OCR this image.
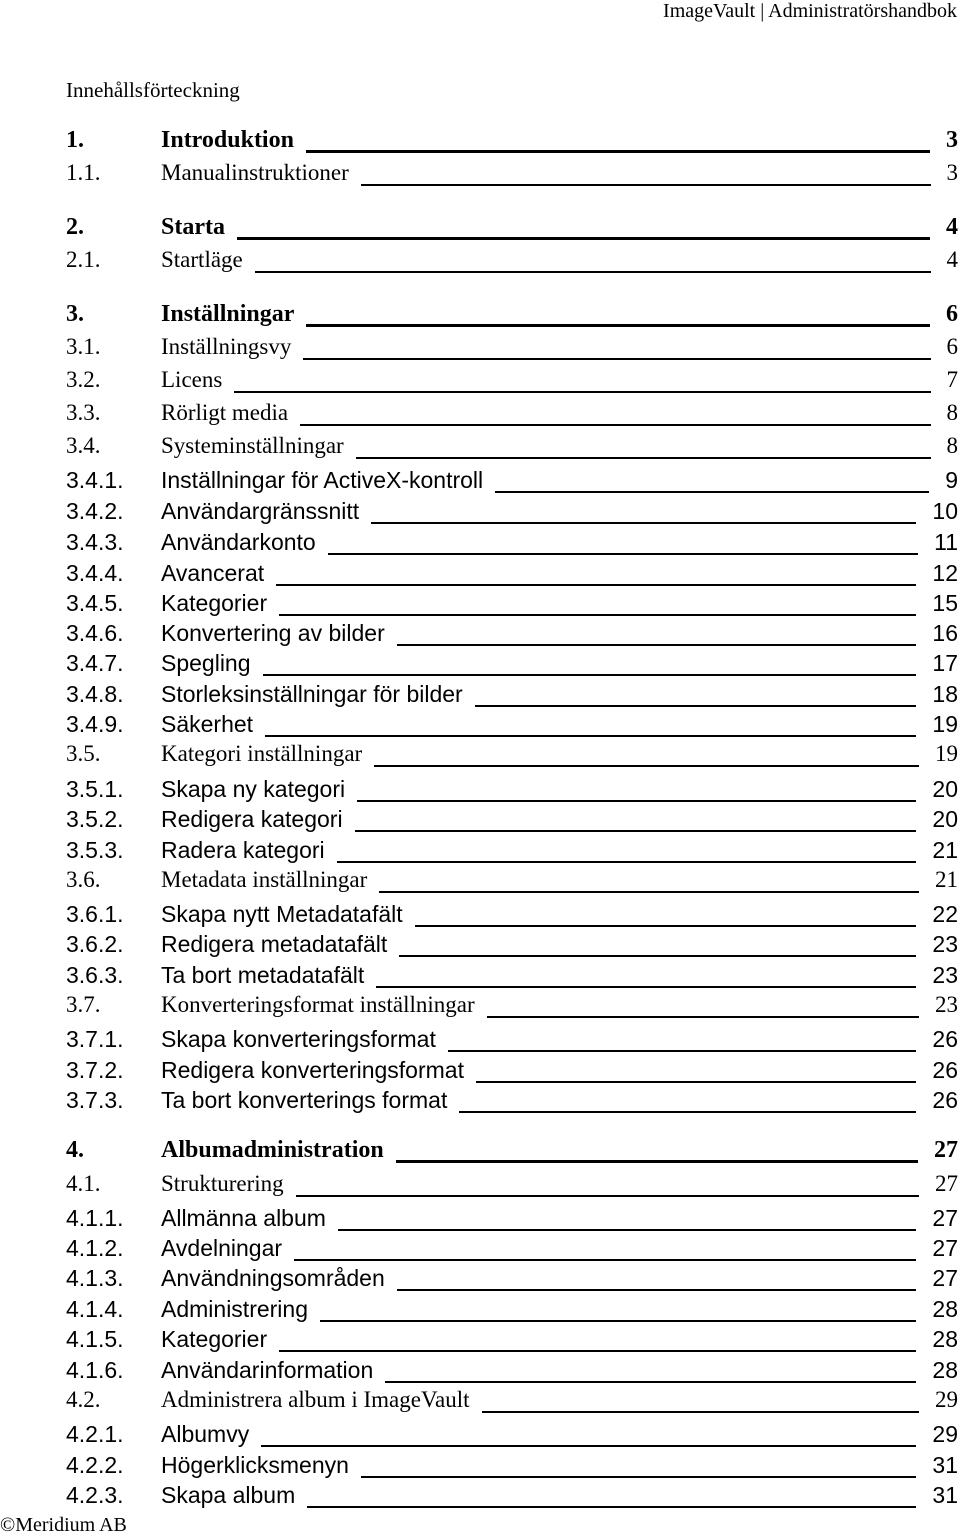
ImageVault | Administratörshandbok
Innehållsförteckning
1.	Introduktion	3
1.1.	Manualinstruktioner	3
2.	Starta	4
2.1.	Startläge	4
3.	Inställningar	6
3.1.	Inställningsvy	6
3.2.	Licens	7
3.3.	Rörligt media	8
3.4.	Systeminställningar	8
3.4.1.	Inställningar för ActiveX-kontroll	9
3.4.2.	Användargränssnitt	10
3.4.3.	Användarkonto	11
3.4.4.	Avancerat	12
3.4.5.	Kategorier	15
3.4.6.	Konvertering av bilder	16
3.4.7.	Spegling	17
3.4.8.	Storleksinställningar för bilder	18
3.4.9.	Säkerhet	19
3.5.	Kategori inställningar	19
3.5.1.	Skapa ny kategori	20
3.5.2.	Redigera kategori	20
3.5.3.	Radera kategori	21
3.6.	Metadata inställningar	21
3.6.1.	Skapa nytt Metadatafält	22
3.6.2.	Redigera metadatafält	23
3.6.3.	Ta bort metadatafält	23
3.7.	Konverteringsformat inställningar	23
3.7.1.	Skapa konverteringsformat	26
3.7.2.	Redigera konverteringsformat	26
3.7.3.	Ta bort konverterings format	26
4.	Albumadministration	27
4.1.	Strukturering	27
4.1.1.	Allmänna album	27
4.1.2.	Avdelningar	27
4.1.3.	Användningsområden	27
4.1.4.	Administrering	28
4.1.5.	Kategorier	28
4.1.6.	Användarinformation	28
4.2.	Administrera album i ImageVault	29
4.2.1.	Albumvy	29
4.2.2.	Högerklicksmenyn	31
4.2.3.	Skapa album	31
©Meridium AB
